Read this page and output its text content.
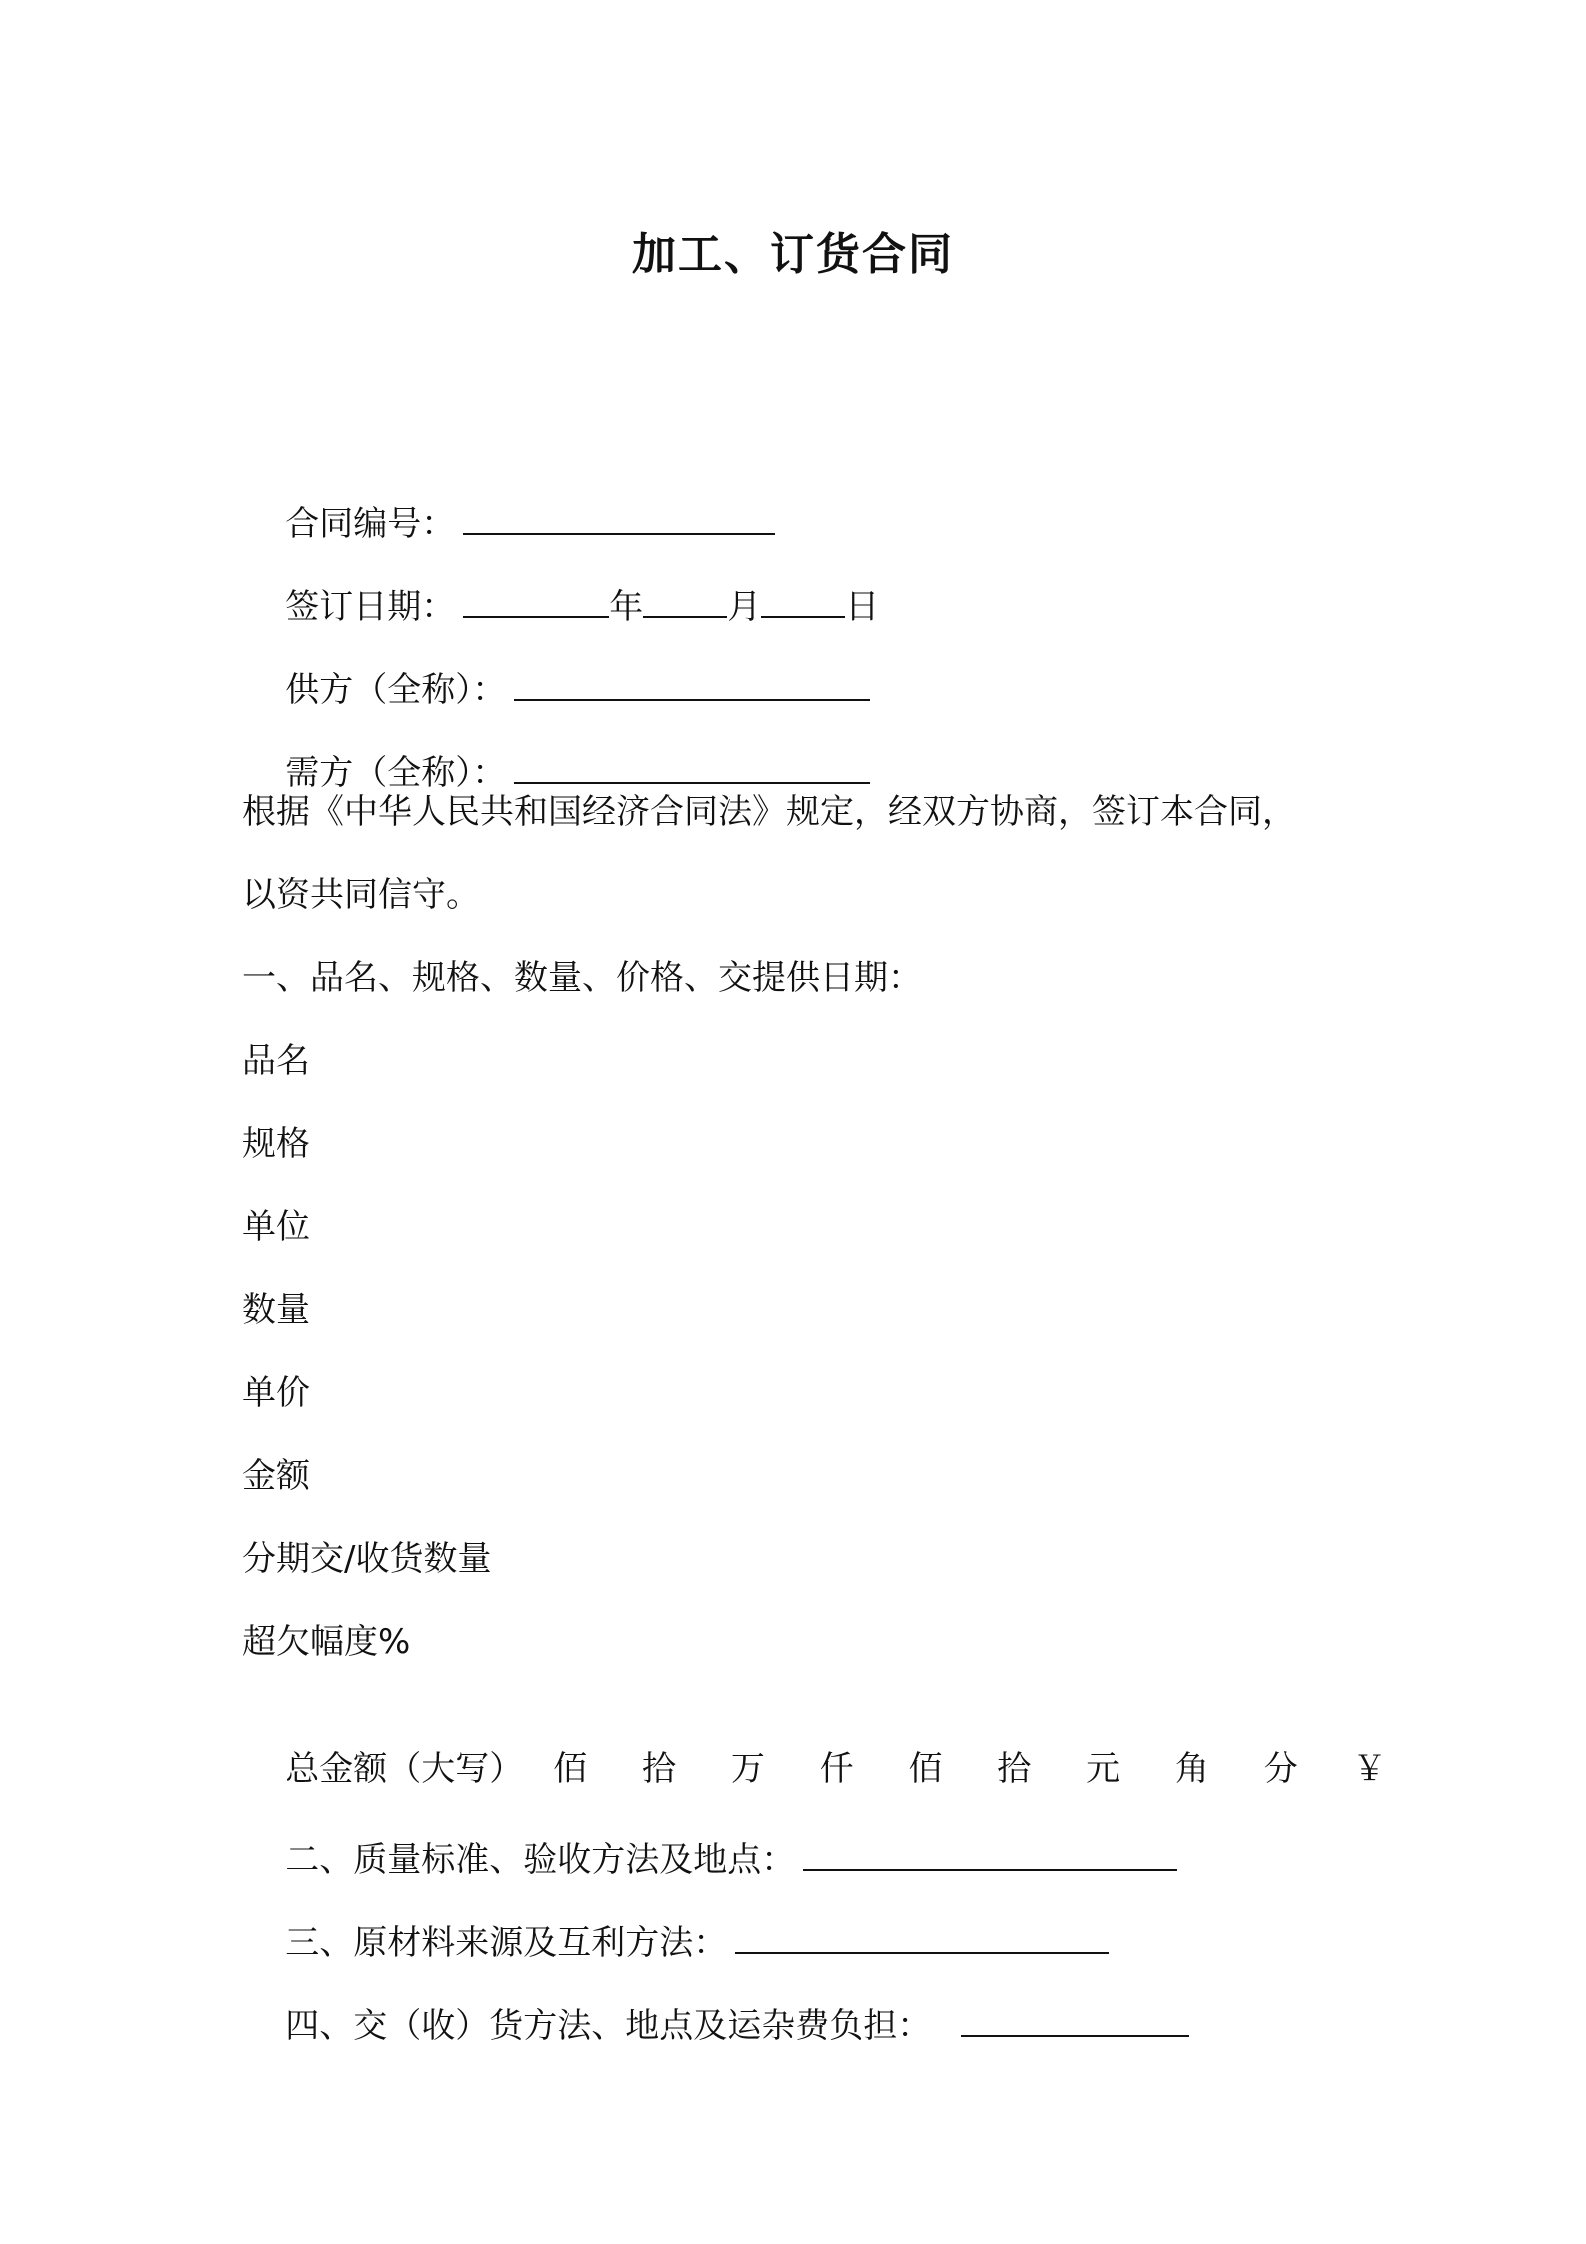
加工、订货合同

合同编号：

签订日期：	年 月 日

供方（全称）：

需方（全称）：

根据《中华人民共和国经济合同法》规定，经双方协商，签订本合同，
以资共同信守。
一、品名、规格、数量、价格、交提供日期：
品名
规格
单位
数量
单价
金额
分期交/收货数量
超欠幅度%

总金额（大写） 佰 拾 万 仟 佰 拾 元 角 分 ￥

二、质量标准、验收方法及地点：

三、原材料来源及互利方法：

四、交（收）货方法、地点及运杂费负担：
